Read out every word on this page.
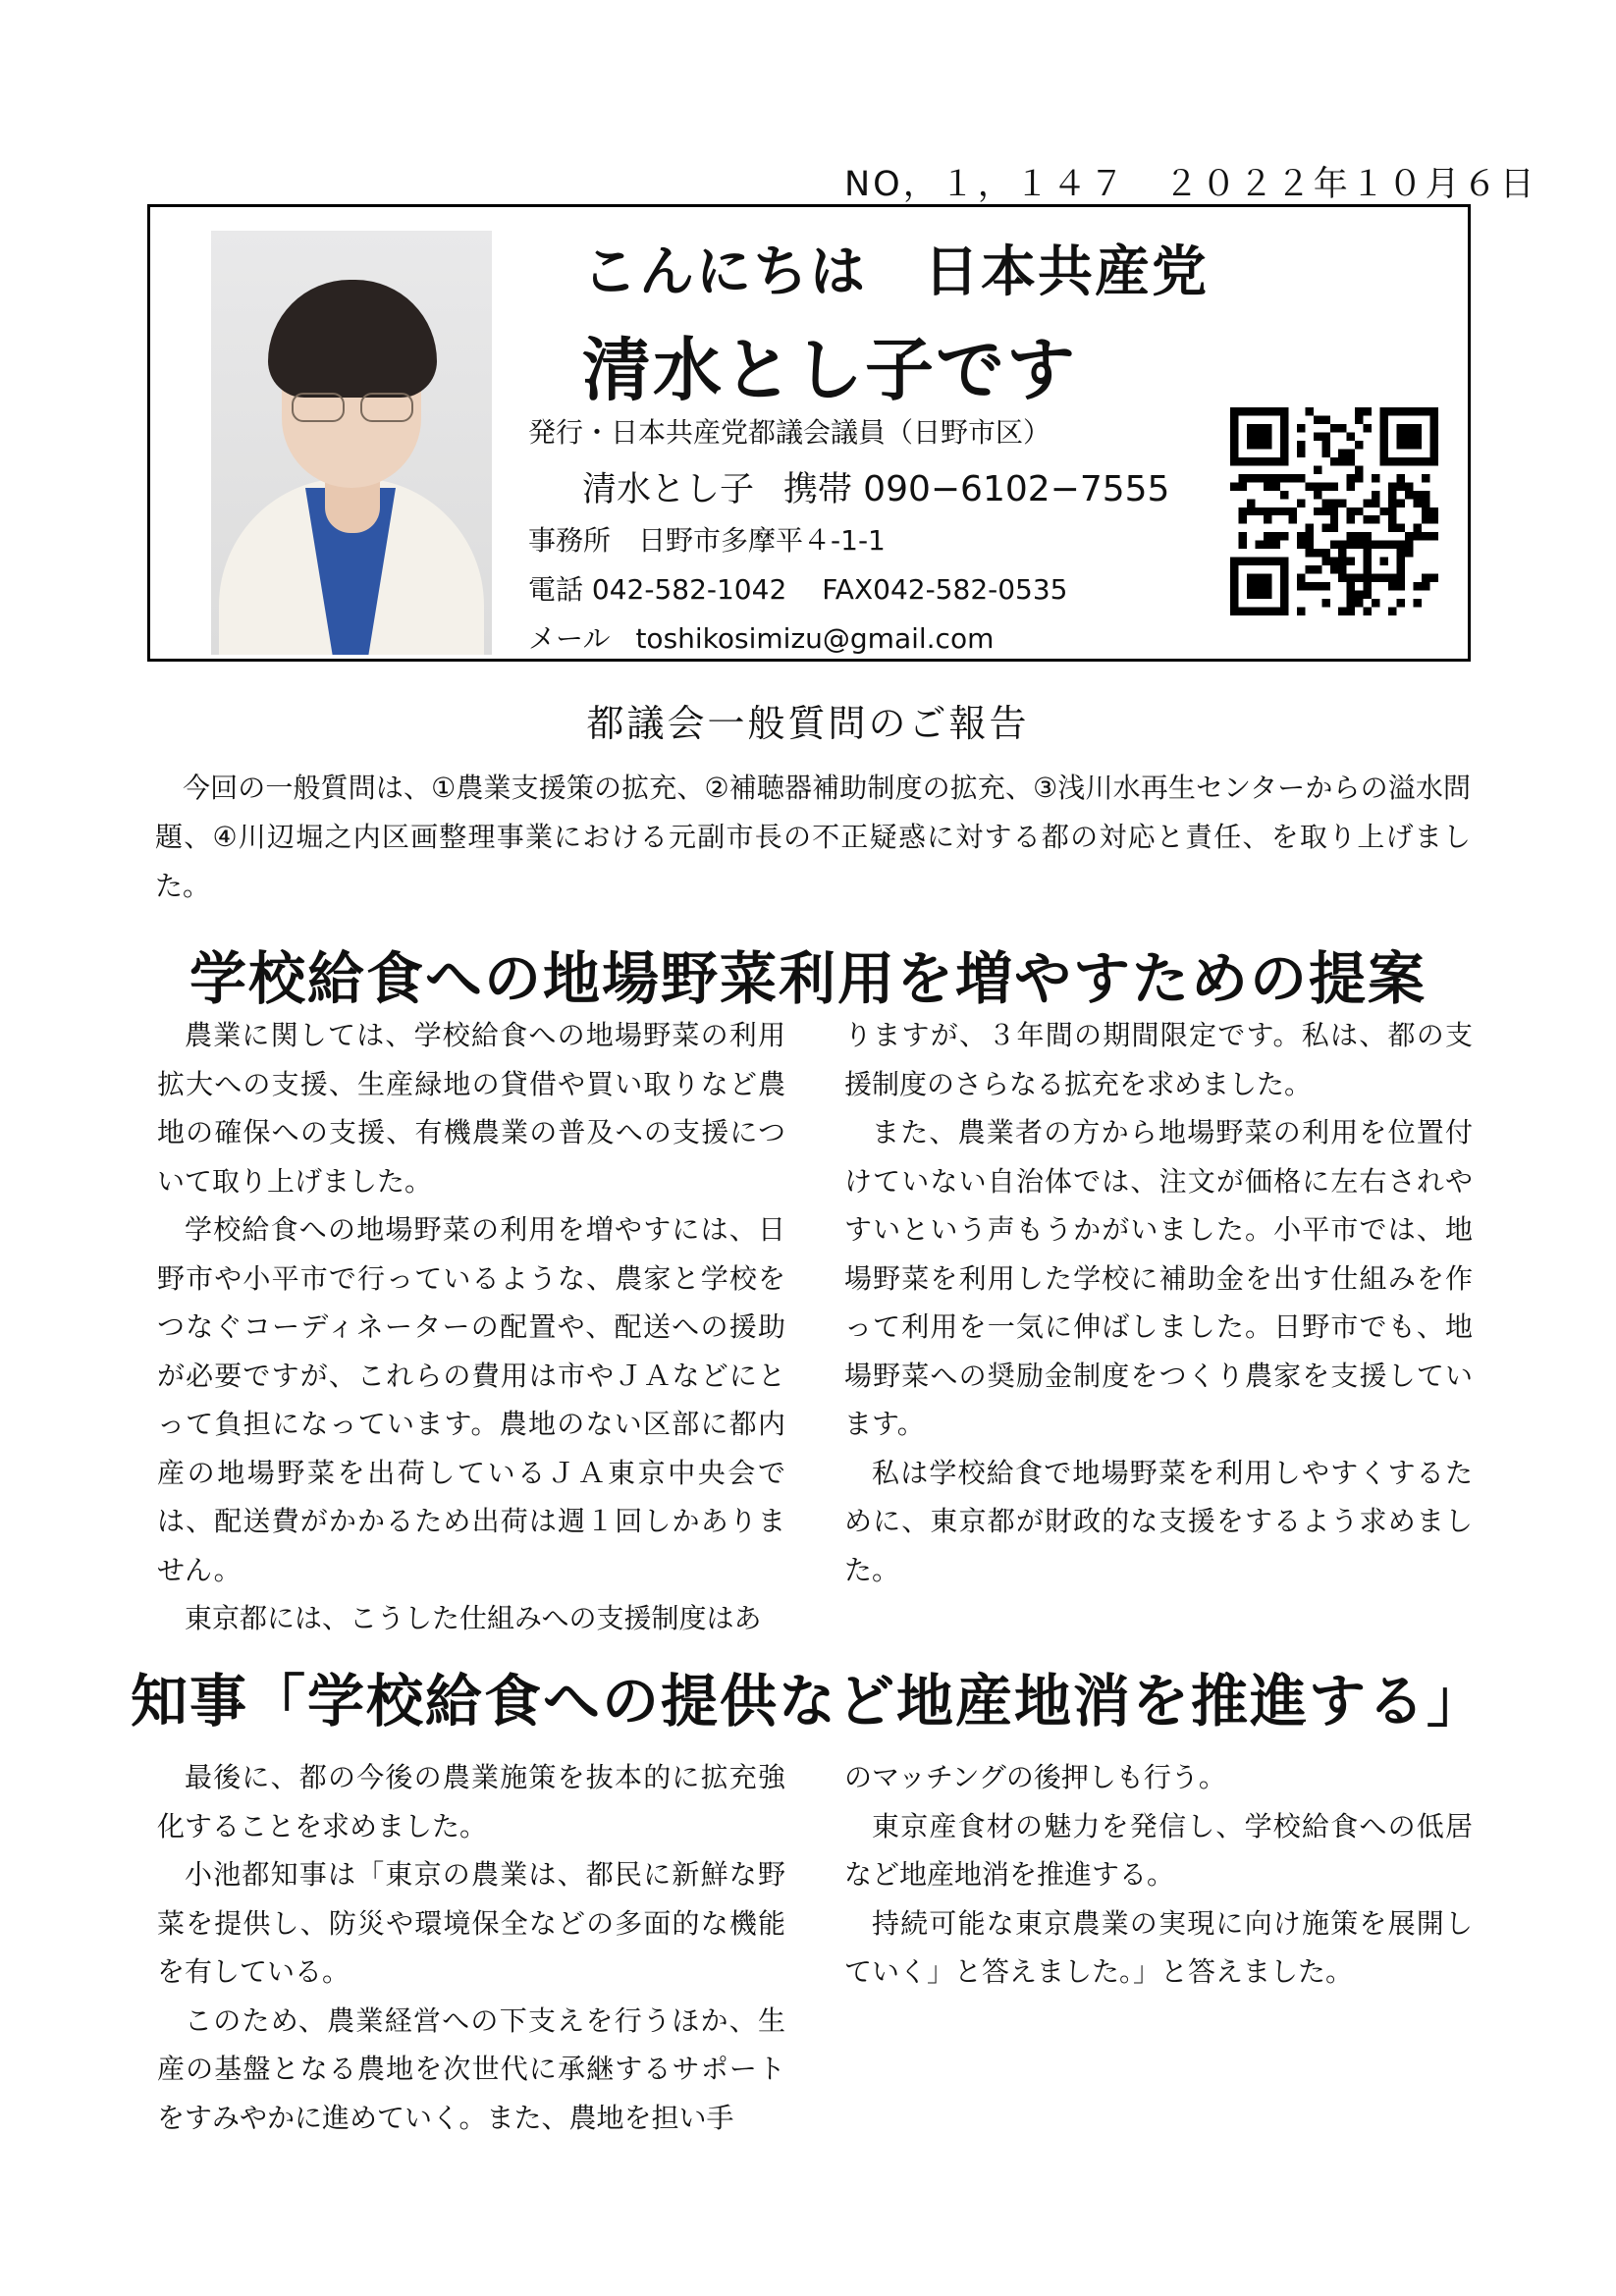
NO，１，１４７　 ２０２２年１０月６日
こんにちは　日本共産党
清水とし子です
発行・日本共産党都議会議員（日野市区）
清水とし子 携帯 090−6102−7555
事務所　 日野市多摩平４-1-1
電話 042-582-1042 FAX042-582-0535
メール toshikosimizu@gmail.com
都議会一般質問のご報告

今回の一般質問は、①農業支援策の拡充、②補聴器補助制度の拡充、③浅川水再生センターからの溢水問題、④川辺堀之内区画整理事業における元副市長の不正疑惑に対する都の対応と責任、を取り上げました。

学校給食への地場野菜利用を増やすための提案

農業に関しては、学校給食への地場野菜の利用拡大への支援、生産緑地の貸借や買い取りなど農地の確保への支援、有機農業の普及への支援について取り上げました。

学校給食への地場野菜の利用を増やすには、日野市や小平市で行っているような、農家と学校をつなぐコーディネーターの配置や、配送への援助が必要ですが、これらの費用は市やＪＡなどにとって負担になっています。農地のない区部に都内産の地場野菜を出荷しているＪＡ東京中央会では、配送費がかかるため出荷は週１回しかありません。

東京都には、こうした仕組みへの支援制度はあ

りますが、３年間の期間限定です。私は、都の支援制度のさらなる拡充を求めました。

また、農業者の方から地場野菜の利用を位置付けていない自治体では、注文が価格に左右されやすいという声もうかがいました。小平市では、地場野菜を利用した学校に補助金を出す仕組みを作って利用を一気に伸ばしました。日野市でも、地場野菜への奨励金制度をつくり農家を支援しています。

私は学校給食で地場野菜を利用しやすくするために、東京都が財政的な支援をするよう求めました。

知事「学校給食への提供など地産地消を推進する」

最後に、都の今後の農業施策を抜本的に拡充強化することを求めました。

小池都知事は「東京の農業は、都民に新鮮な野菜を提供し、防災や環境保全などの多面的な機能を有している。

このため、農業経営への下支えを行うほか、生産の基盤となる農地を次世代に承継するサポートをすみやかに進めていく。また、農地を担い手

のマッチングの後押しも行う。

東京産食材の魅力を発信し、学校給食への低居など地産地消を推進する。

持続可能な東京農業の実現に向け施策を展開していく」と答えました。」と答えました。
